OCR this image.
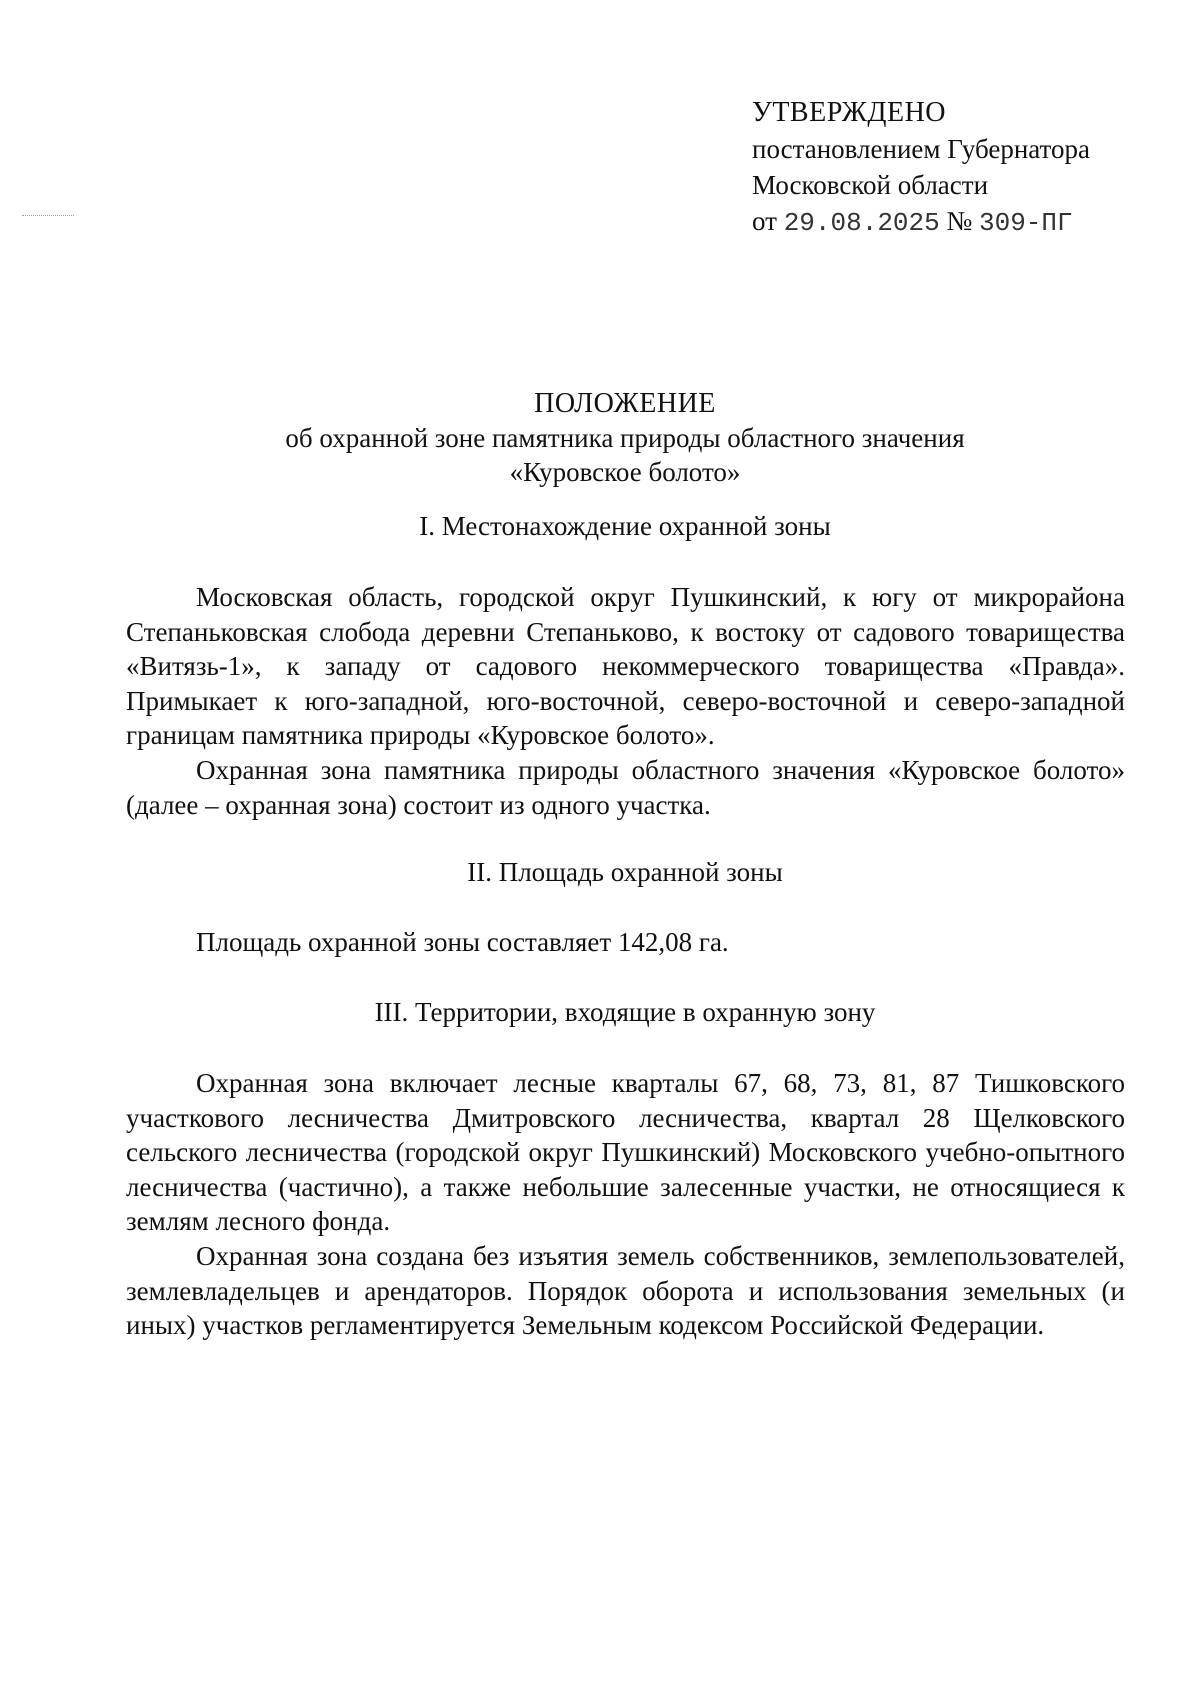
УТВЕРЖДЕНО
постановлением Губернатора
Московской области
от 29.08.2025 № 309-ПГ
ПОЛОЖЕНИЕ
об охранной зоне памятника природы областного значения
«Куровское болото»
I. Местонахождение охранной зоны

Московская область, городской округ Пушкинский, к югу от микрорайона Степаньковская слобода деревни Степаньково, к востоку от садового товарищества «Витязь-1», к западу от садового некоммерческого товарищества «Правда». Примыкает к юго-западной, юго-восточной, северо-восточной и северо-западной границам памятника природы «Куровское болото».

Охранная зона памятника природы областного значения «Куровское болото» (далее – охранная зона) состоит из одного участка.

II. Площадь охранной зоны

Площадь охранной зоны составляет 142,08 га.

III. Территории, входящие в охранную зону

Охранная зона включает лесные кварталы 67, 68, 73, 81, 87 Тишковского участкового лесничества Дмитровского лесничества, квартал 28 Щелковского сельского лесничества (городской округ Пушкинский) Московского учебно-опытного лесничества (частично), а также небольшие залесенные участки, не относящиеся к землям лесного фонда.

Охранная зона создана без изъятия земель собственников, землепользователей, землевладельцев и арендаторов. Порядок оборота и использования земельных (и иных) участков регламентируется Земельным кодексом Российской Федерации.
